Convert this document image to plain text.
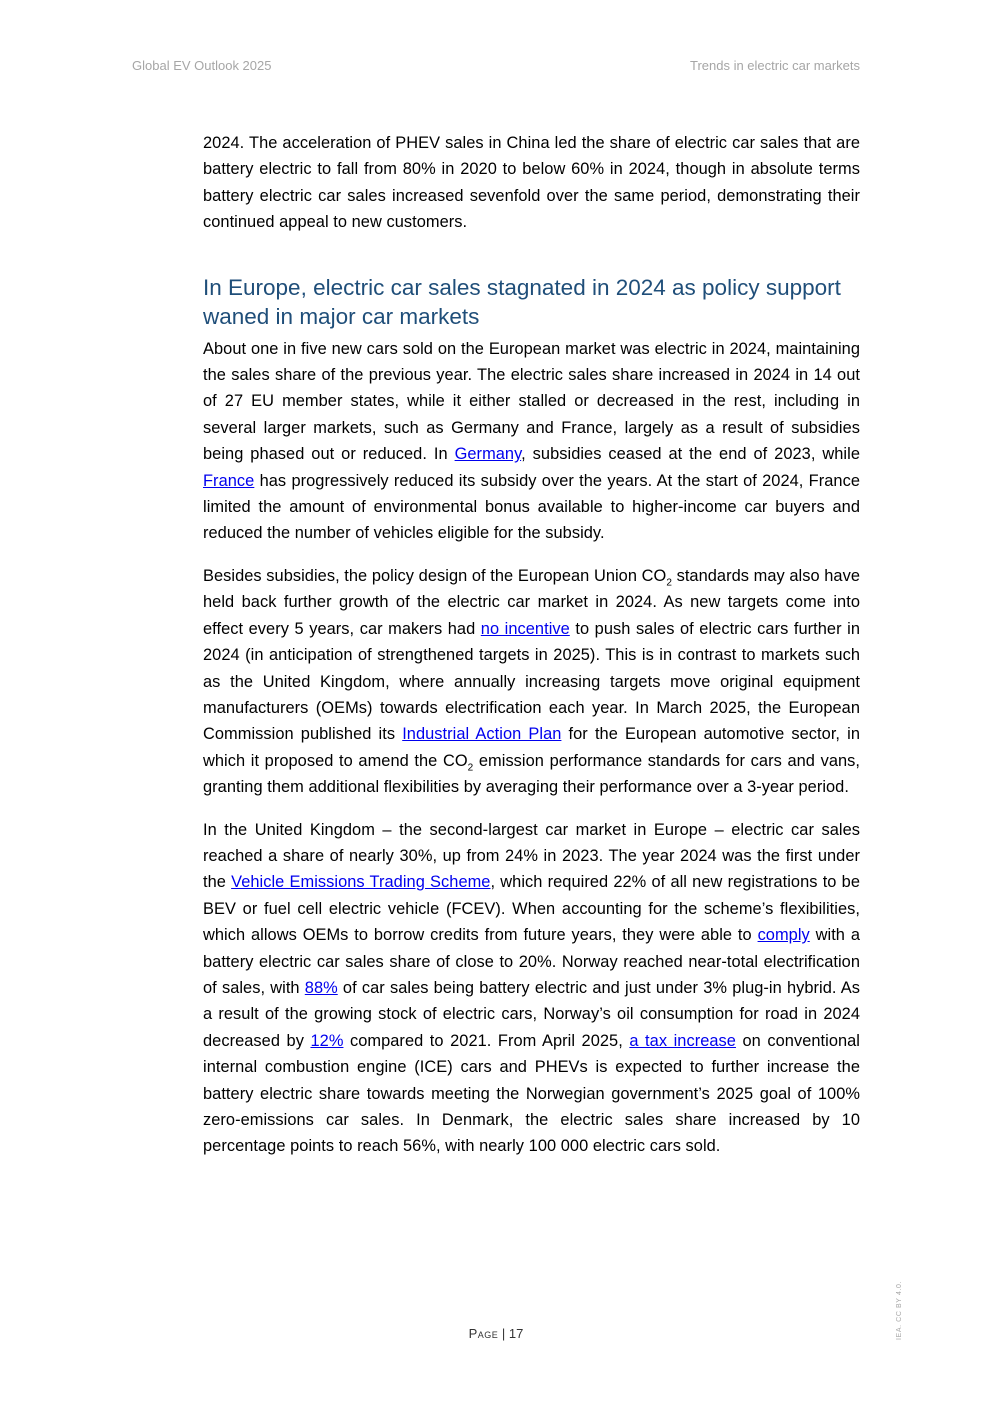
Global EV Outlook 2025	Trends in electric car markets

2024. The acceleration of PHEV sales in China led the share of electric car sales that are battery electric to fall from 80% in 2020 to below 60% in 2024, though in absolute terms battery electric car sales increased sevenfold over the same period, demonstrating their continued appeal to new customers.

In Europe, electric car sales stagnated in 2024 as policy support waned in major car markets

About one in five new cars sold on the European market was electric in 2024, maintaining the sales share of the previous year. The electric sales share increased in 2024 in 14 out of 27 EU member states, while it either stalled or decreased in the rest, including in several larger markets, such as Germany and France, largely as a result of subsidies being phased out or reduced. In Germany, subsidies ceased at the end of 2023, while France has progressively reduced its subsidy over the years. At the start of 2024, France limited the amount of environmental bonus available to higher-income car buyers and reduced the number of vehicles eligible for the subsidy.

Besides subsidies, the policy design of the European Union $CO_2$ standards may also have held back further growth of the electric car market in 2024. As new targets come into effect every 5 years, car makers had no incentive to push sales of electric cars further in 2024 (in anticipation of strengthened targets in 2025). This is in contrast to markets such as the United Kingdom, where annually increasing targets move original equipment manufacturers (OEMs) towards electrification each year. In March 2025, the European Commission published its Industrial Action Plan for the European automotive sector, in which it proposed to amend the $CO_2$ emission performance standards for cars and vans, granting them additional flexibilities by averaging their performance over a 3-year period.

In the United Kingdom – the second-largest car market in Europe – electric car sales reached a share of nearly 30%, up from 24% in 2023. The year 2024 was the first under the Vehicle Emissions Trading Scheme, which required 22% of all new registrations to be BEV or fuel cell electric vehicle (FCEV). When accounting for the scheme’s flexibilities, which allows OEMs to borrow credits from future years, they were able to comply with a battery electric car sales share of close to 20%. Norway reached near-total electrification of sales, with 88% of car sales being battery electric and just under 3% plug-in hybrid. As a result of the growing stock of electric cars, Norway’s oil consumption for road in 2024 decreased by 12% compared to 2021. From April 2025, a tax increase on conventional internal combustion engine (ICE) cars and PHEVs is expected to further increase the battery electric share towards meeting the Norwegian government’s 2025 goal of 100% zero-emissions car sales. In Denmark, the electric sales share increased by 10 percentage points to reach 56%, with nearly 100 000 electric cars sold.

Page | 17	IEA. CC BY 4.0.
